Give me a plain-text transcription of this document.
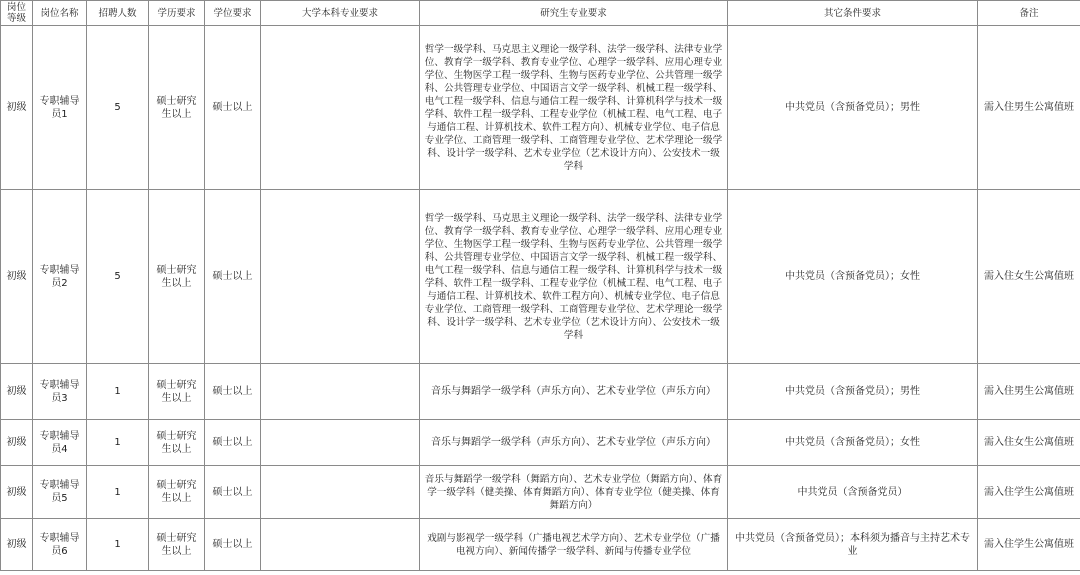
岗位等级	岗位名称	招聘人数	学历要求	学位要求	大学本科专业要求	研究生专业要求	其它条件要求	备注
初级	专职辅导员1	5	硕士研究生以上	硕士以上		哲学一级学科、马克思主义理论一级学科、法学一级学科、法律专业学位、教育学一级学科、教育专业学位、心理学一级学科、应用心理专业学位、生物医学工程一级学科、生物与医药专业学位、公共管理一级学科、公共管理专业学位、中国语言文学一级学科、机械工程一级学科、电气工程一级学科、信息与通信工程一级学科、计算机科学与技术一级学科、软件工程一级学科、工程专业学位（机械工程、电气工程、电子与通信工程、计算机技术、软件工程方向）、机械专业学位、电子信息专业学位、工商管理一级学科、工商管理专业学位、艺术学理论一级学科、设计学一级学科、艺术专业学位（艺术设计方向）、公安技术一级学科	中共党员（含预备党员）；男性	需入住男生公寓值班
初级	专职辅导员2	5	硕士研究生以上	硕士以上		哲学一级学科、马克思主义理论一级学科、法学一级学科、法律专业学位、教育学一级学科、教育专业学位、心理学一级学科、应用心理专业学位、生物医学工程一级学科、生物与医药专业学位、公共管理一级学科、公共管理专业学位、中国语言文学一级学科、机械工程一级学科、电气工程一级学科、信息与通信工程一级学科、计算机科学与技术一级学科、软件工程一级学科、工程专业学位（机械工程、电气工程、电子与通信工程、计算机技术、软件工程方向）、机械专业学位、电子信息专业学位、工商管理一级学科、工商管理专业学位、艺术学理论一级学科、设计学一级学科、艺术专业学位（艺术设计方向）、公安技术一级学科	中共党员（含预备党员）；女性	需入住女生公寓值班
初级	专职辅导员3	1	硕士研究生以上	硕士以上		音乐与舞蹈学一级学科（声乐方向）、艺术专业学位（声乐方向）	中共党员（含预备党员）；男性	需入住男生公寓值班
初级	专职辅导员4	1	硕士研究生以上	硕士以上		音乐与舞蹈学一级学科（声乐方向）、艺术专业学位（声乐方向）	中共党员（含预备党员）；女性	需入住女生公寓值班
初级	专职辅导员5	1	硕士研究生以上	硕士以上		音乐与舞蹈学一级学科（舞蹈方向）、艺术专业学位（舞蹈方向）、体育学一级学科（健美操、体育舞蹈方向）、体育专业学位（健美操、体育舞蹈方向）	中共党员（含预备党员）	需入住学生公寓值班
初级	专职辅导员6	1	硕士研究生以上	硕士以上		戏剧与影视学一级学科（广播电视艺术学方向）、艺术专业学位（广播电视方向）、新闻传播学一级学科、新闻与传播专业学位	中共党员（含预备党员）；本科须为播音与主持艺术专业	需入住学生公寓值班
